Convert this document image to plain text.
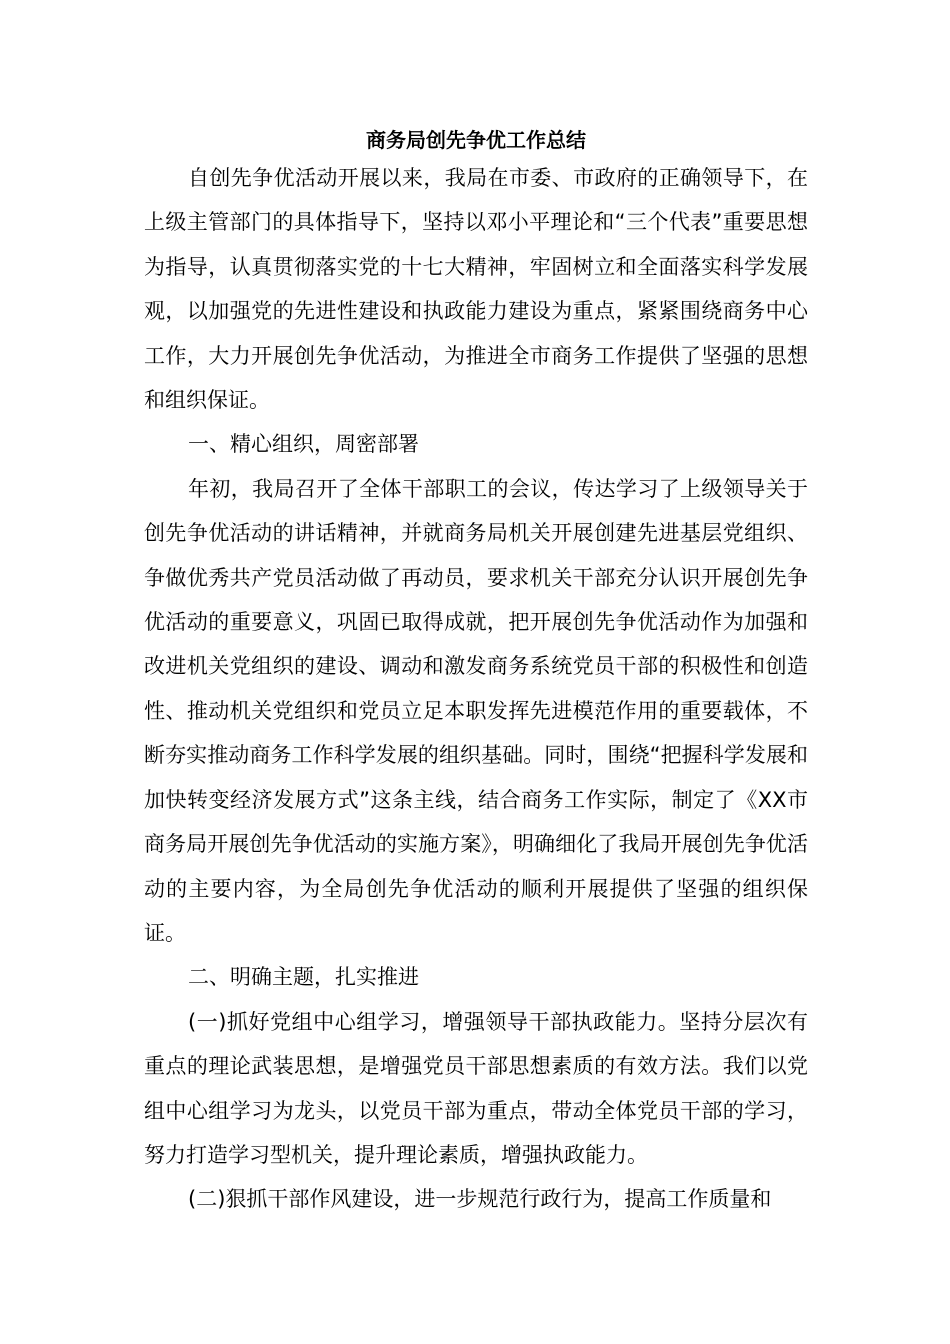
商务局创先争优工作总结

自创先争优活动开展以来，我局在市委、市政府的正确领导下，在上级主管部门的具体指导下，坚持以邓小平理论和“三个代表”重要思想为指导，认真贯彻落实党的十七大精神，牢固树立和全面落实科学发展观，以加强党的先进性建设和执政能力建设为重点，紧紧围绕商务中心工作，大力开展创先争优活动，为推进全市商务工作提供了坚强的思想和组织保证。

一、精心组织，周密部署

年初，我局召开了全体干部职工的会议，传达学习了上级领导关于创先争优活动的讲话精神，并就商务局机关开展创建先进基层党组织、争做优秀共产党员活动做了再动员，要求机关干部充分认识开展创先争优活动的重要意义，巩固已取得成就，把开展创先争优活动作为加强和改进机关党组织的建设、调动和激发商务系统党员干部的积极性和创造性、推动机关党组织和党员立足本职发挥先进模范作用的重要载体，不断夯实推动商务工作科学发展的组织基础。同时，围绕“把握科学发展和加快转变经济发展方式”这条主线，结合商务工作实际，制定了《XX市商务局开展创先争优活动的实施方案》，明确细化了我局开展创先争优活动的主要内容，为全局创先争优活动的顺利开展提供了坚强的组织保证。

二、明确主题，扎实推进

(一)抓好党组中心组学习，增强领导干部执政能力。坚持分层次有重点的理论武装思想，是增强党员干部思想素质的有效方法。我们以党组中心组学习为龙头，以党员干部为重点，带动全体党员干部的学习，努力打造学习型机关，提升理论素质，增强执政能力。

(二)狠抓干部作风建设，进一步规范行政行为，提高工作质量和
